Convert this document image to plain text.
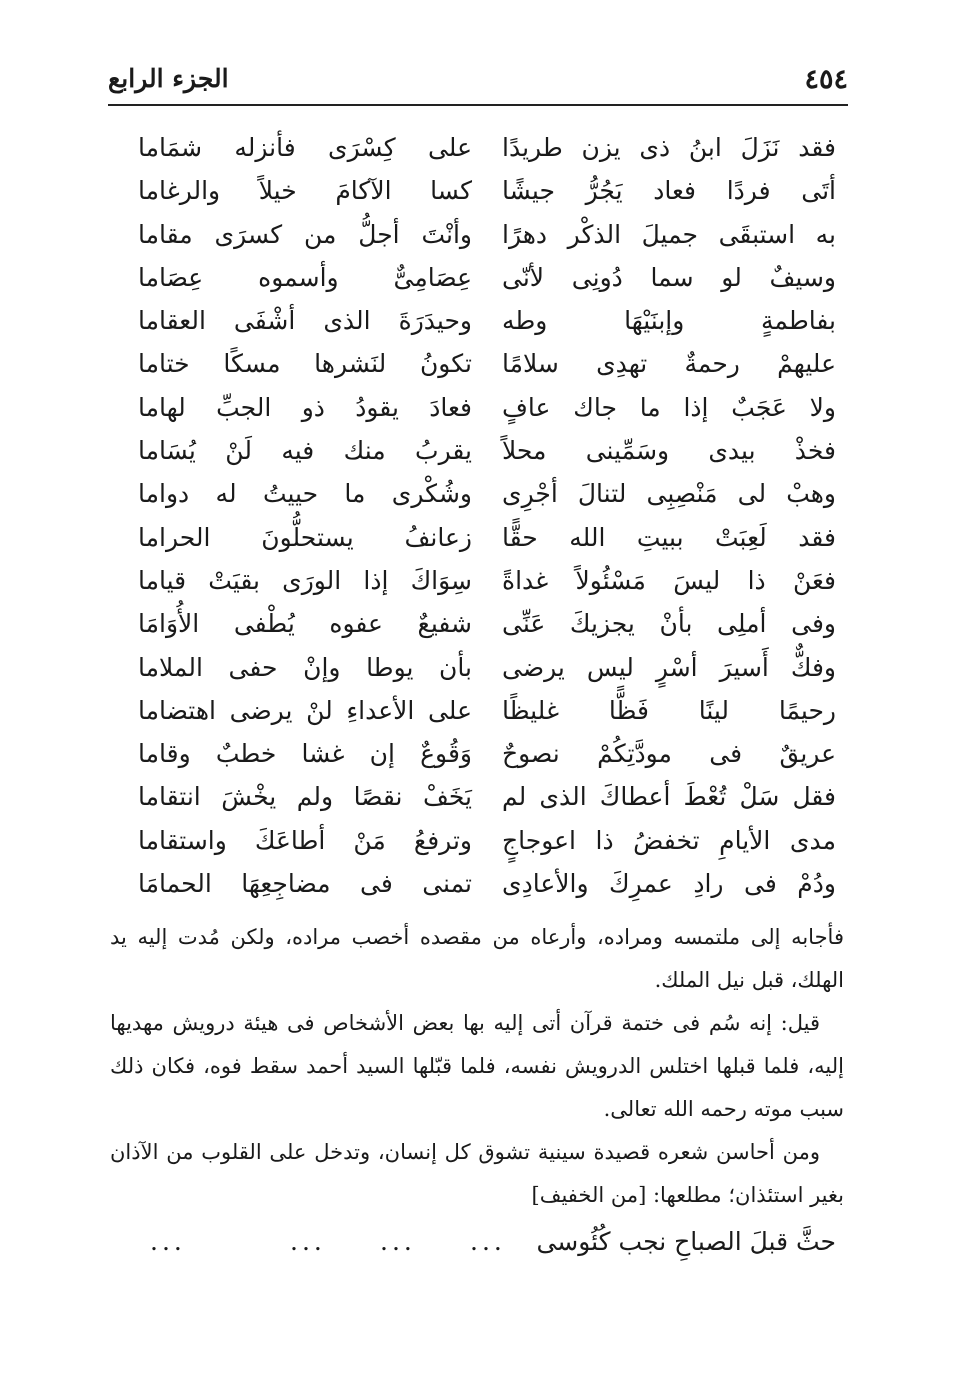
٤٥٤
الجزء الرابع
فقد نَزَلَ ابنُ ذى يزن طريدًا
على كِسْرَى فأنزله شمَاما
أتَى فردًا فعاد يَجُرُّ جيشًا
كسا الآكامَ خيلاً والرغاما
به استبقَى جميلَ الذكْر دهرًا
وأنْتَ أجلُّ من كسرَى مقاما
وسيفٌ لو سما دُونِى لأنّى
عِصَامِىٌّ وأسموه عِصَاما
بفاطمةٍ وإبنَيْهَا وطه
وحيدَرَةَ الذى أشْفَى العقاما
عليهمْ رحمةٌ تهدِى سلامًا
تكونُ لنَشرها مسكًا ختاما
ولا عَجَبٌ إذا ما جاك عافٍ
فعادَ يقودُ ذو الجبِّ لهاما
فخذْ بيدى وسَمِّينى محلاً
يقربُ منك فيه لَنْ يُسَاما
وهبْ لى مَنْصِبِى لتنالَ أجْرِى
وشُكْرى ما حييتُ له دواما
فقد لَعِبَتْ ببيتِ الله حقًّا
زعانفُ يستحلُّونَ الحراما
فعَنْ ذا ليسَ مَسْئُولاً غداةً
سِوَاكَ إذا الورَى بقيَتْ قياما
وفى أملِى بأنْ يجزيكَ عَنِّى
شفيعٌ عفوه يُطْفى الأُوَامَا
وفكٌّ أَسيرَ أسْرٍ ليس يرضى
بأن يوطا وإنْ حفى الملاما
رحيمًا لينًا فَظًّا غليظًا
على الأعداءِ لنْ يرضى اهتضاما
عريقٌ فى مودَّتِكُمْ نصوحٌ
وَقُوعٌ إن غشا خطبٌ وقاما
فقل سَلْ تُعْطَ أعطاكَ الذى لم
يَخَفْ نقصًا ولم يخْشَ انتقاما
مدى الأيامِ تخفضُ ذا اعوجاجٍ
وترفعُ مَنْ أطاعَكَ واستقاما
ودُمْ فى رادِ عمرِكَ والأعادِى
تمنى فى مضاجِعِهَا الحمامَا

فأجابه إلى ملتمسه ومراده، وأرعاه من مقصده أخصب مراده، ولكن مُدت إليه يد الهلك، قبل نيل الملك.

قيل: إنه سُم فى ختمة قرآن أتى إليه بها بعض الأشخاص فى هيئة درويش مهديها إليه، فلما قبلها اختلس الدرويش نفسه، فلما قبّلها السيد أحمد سقط فوه، فكان ذلك سبب موته رحمه الله تعالى.

ومن أحاسن شعره قصيدة سينية تشوق كل إنسان، وتدخل على القلوب من الآذان بغير استئذان؛ مطلعها: [من الخفيف]

حثَّ قبلَ الصباحِ نجب كُئُوسى
...
...
...
...
